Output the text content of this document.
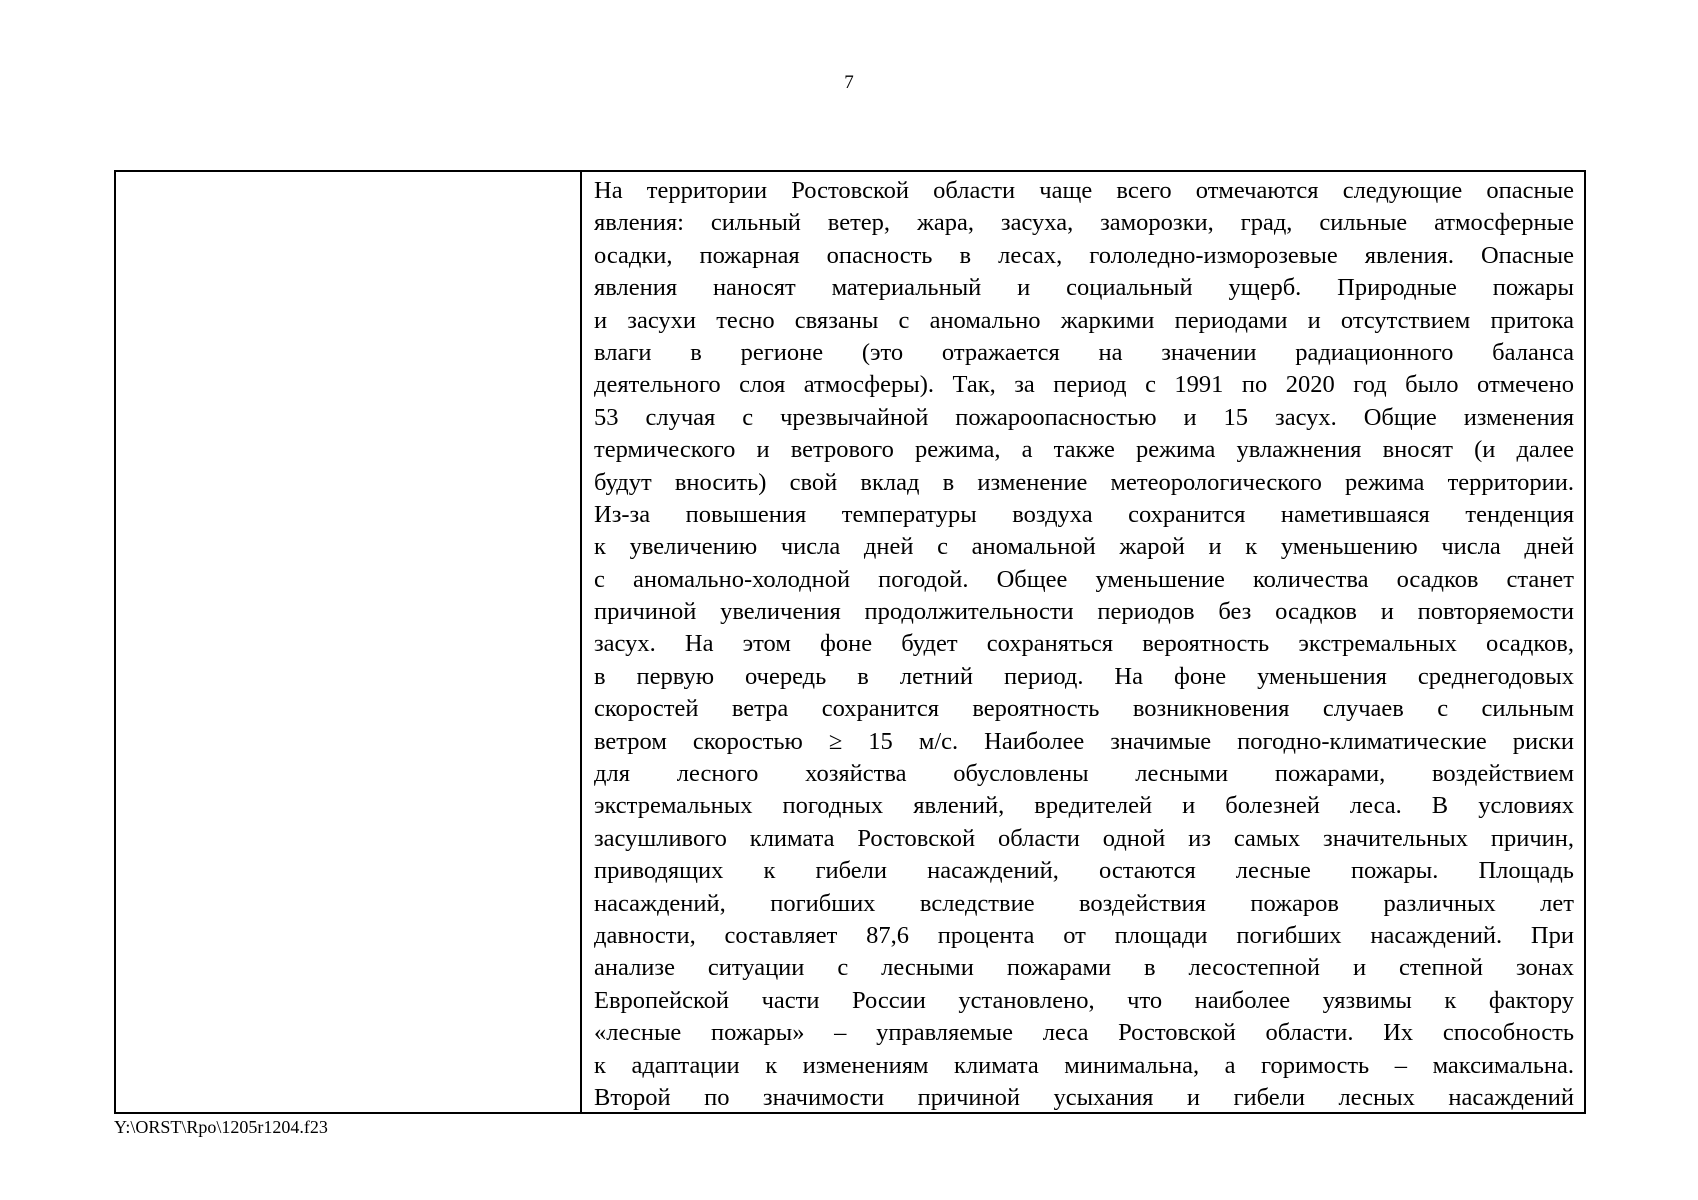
7
На территории Ростовской области чаще всего отмечаются следующие опасные
явления: сильный ветер, жара, засуха, заморозки, град, сильные атмосферные
осадки, пожарная опасность в лесах, гололедно-изморозевые явления. Опасные
явления наносят материальный и социальный ущерб. Природные пожары
и засухи тесно связаны с аномально жаркими периодами и отсутствием притока
влаги в регионе (это отражается на значении радиационного баланса
деятельного слоя атмосферы). Так, за период с 1991 по 2020 год было отмечено
53 случая с чрезвычайной пожароопасностью и 15 засух. Общие изменения
термического и ветрового режима, а также режима увлажнения вносят (и далее
будут вносить) свой вклад в изменение метеорологического режима территории.
Из-за повышения температуры воздуха сохранится наметившаяся тенденция
к увеличению числа дней с аномальной жарой и к уменьшению числа дней
с аномально-холодной погодой. Общее уменьшение количества осадков станет
причиной увеличения продолжительности периодов без осадков и повторяемости
засух. На этом фоне будет сохраняться вероятность экстремальных осадков,
в первую очередь в летний период. На фоне уменьшения среднегодовых
скоростей ветра сохранится вероятность возникновения случаев с сильным
ветром скоростью ≥ 15 м/с. Наиболее значимые погодно-климатические риски
для лесного хозяйства обусловлены лесными пожарами, воздействием
экстремальных погодных явлений, вредителей и болезней леса. В условиях
засушливого климата Ростовской области одной из самых значительных причин,
приводящих к гибели насаждений, остаются лесные пожары. Площадь
насаждений, погибших вследствие воздействия пожаров различных лет
давности, составляет 87,6 процента от площади погибших насаждений. При
анализе ситуации с лесными пожарами в лесостепной и степной зонах
Европейской части России установлено, что наиболее уязвимы к фактору
«лесные пожары» – управляемые леса Ростовской области. Их способность
к адаптации к изменениям климата минимальна, а горимость – максимальна.
Второй по значимости причиной усыхания и гибели лесных насаждений
Y:\ORST\Rpo\1205r1204.f23
